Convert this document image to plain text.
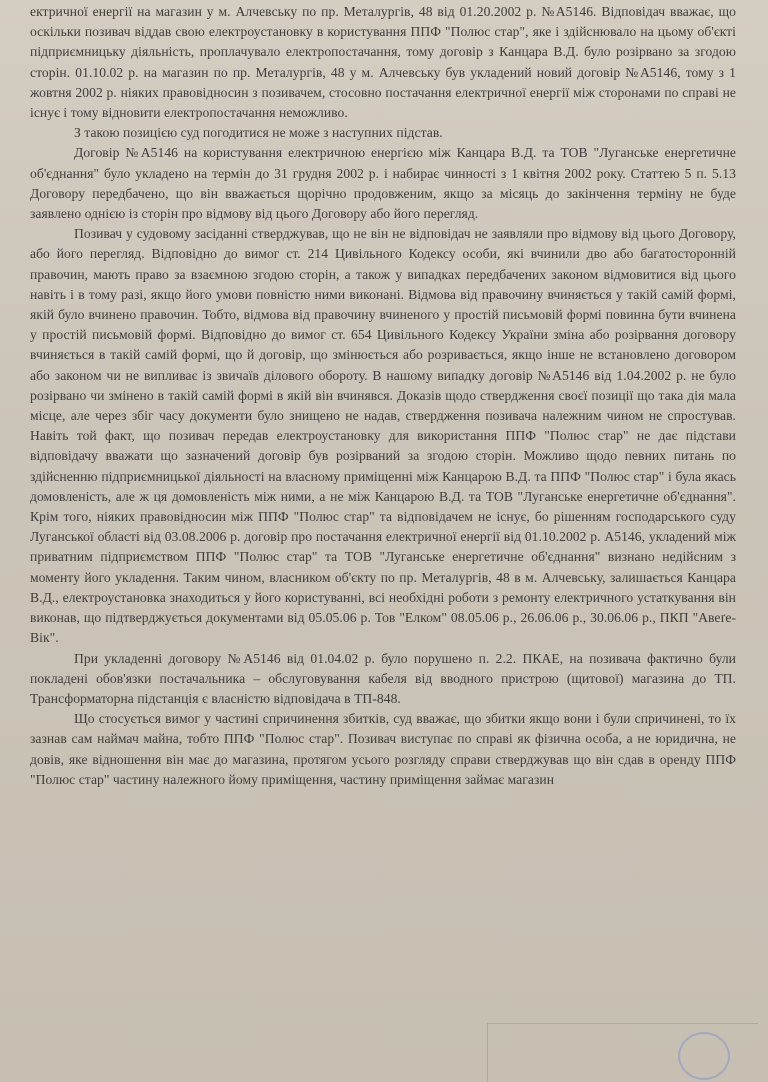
ектричної енергії на магазин у м. Алчевську по пр. Металургів, 48 від 01.20.2002 р. №А5146. Відповідач вважає, що оскільки позивач віддав свою електроустановку в користування ППФ "Полюс стар", яке і здійснювало на цьому об'єкті підприємницьку діяльність, проплачувало електропостачання, тому договір з Канцара В.Д. було розірвано за згодою сторін. 01.10.02 р. на магазин по пр. Металургів, 48 у м. Алчевську був укладений новий договір №А5146, тому з 1 жовтня 2002 р. ніяких правовідносин з позивачем, стосовно постачання електричної енергії між сторонами по справі не існує і тому відновити електропостачання неможливо.

З такою позицією суд погодитися не може з наступних підстав.

Договір №А5146 на користування електричною енергією між Канцара В.Д. та ТОВ "Луганське енергетичне об'єднання" було укладено на термін до 31 грудня 2002 р. і набирає чинності з 1 квітня 2002 року. Статтею 5 п. 5.13 Договору передбачено, що він вважається щорічно продовженим, якщо за місяць до закінчення терміну не буде заявлено однією із сторін про відмову від цього Договору або його перегляд.

Позивач у судовому засіданні стверджував, що не він не відповідач не заявляли про відмову від цього Договору, або його перегляд. Відповідно до вимог ст. 214 Цивільного Кодексу особи, які вчинили дво або багатосторонній правочин, мають право за взаємною згодою сторін, а також у випадках передбачених законом відмовитися від цього навіть і в тому разі, якщо його умови повністю ними виконані. Відмова від правочину вчиняється у такій самій формі, якій було вчинено правочин. Тобто, відмова від правочину вчиненого у простій письмовій формі повинна бути вчинена у простій письмовій формі. Відповідно до вимог ст. 654 Цивільного Кодексу України зміна або розірвання договору вчиняється в такій самій формі, що й договір, що змінюється або розривається, якщо інше не встановлено договором або законом чи не випливає із звичаїв ділового обороту. В нашому випадку договір №А5146 від 1.04.2002 р. не було розірвано чи змінено в такій самій формі в якій він вчинявся. Доказів щодо ствердження своєї позиції що така дія мала місце, але через збіг часу документи було знищено не надав, ствердження позивача належним чином не спростував. Навіть той факт, що позивач передав електроустановку для використання ППФ "Полюс стар" не дає підстави відповідачу вважати що зазначений договір був розірваний за згодою сторін. Можливо щодо певних питань по здійсненню підприємницької діяльності на власному приміщенні між Канцарою В.Д. та ППФ "Полюс стар" і була якась домовленість, але ж ця домовленість між ними, а не між Канцарою В.Д. та ТОВ "Луганське енергетичне об'єднання". Крім того, ніяких правовідносин між ППФ "Полюс стар" та відповідачем не існує, бо рішенням господарського суду Луганської області від 03.08.2006 р. договір про постачання електричної енергії від 01.10.2002 р. А5146, укладений між приватним підприємством ППФ "Полюс стар" та ТОВ "Луганське енергетичне об'єднання" визнано недійсним з моменту його укладення. Таким чином, власником об'єкту по пр. Металургів, 48 в м. Алчевську, залишається Канцара В.Д., електроустановка знаходиться у його користуванні, всі необхідні роботи з ремонту електричного устаткування він виконав, що підтверджується документами від 05.05.06 р. Тов "Елком" 08.05.06 р., 26.06.06 р., 30.06.06 р., ПКП "Авеґе-Вік".

При укладенні договору №А5146 від 01.04.02 р. було порушено п. 2.2. ПКАЕ, на позивача фактично були покладені обов'язки постачальника – обслуговування кабеля від вводного пристрою (щитової) магазина до ТП. Трансформаторна підстанція є власністю відповідача в ТП-848.

Що стосується вимог у частині спричинення збитків, суд вважає, що збитки якщо вони і були спричинені, то їх зазнав сам наймач майна, тобто ППФ "Полюс стар". Позивач виступає по справі як фізична особа, а не юридична, не довів, яке відношення він має до магазина, протягом усього розгляду справи стверджував що він сдав в оренду ППФ "Полюс стар" частину належного йому приміщення, частину приміщення займає магазин
